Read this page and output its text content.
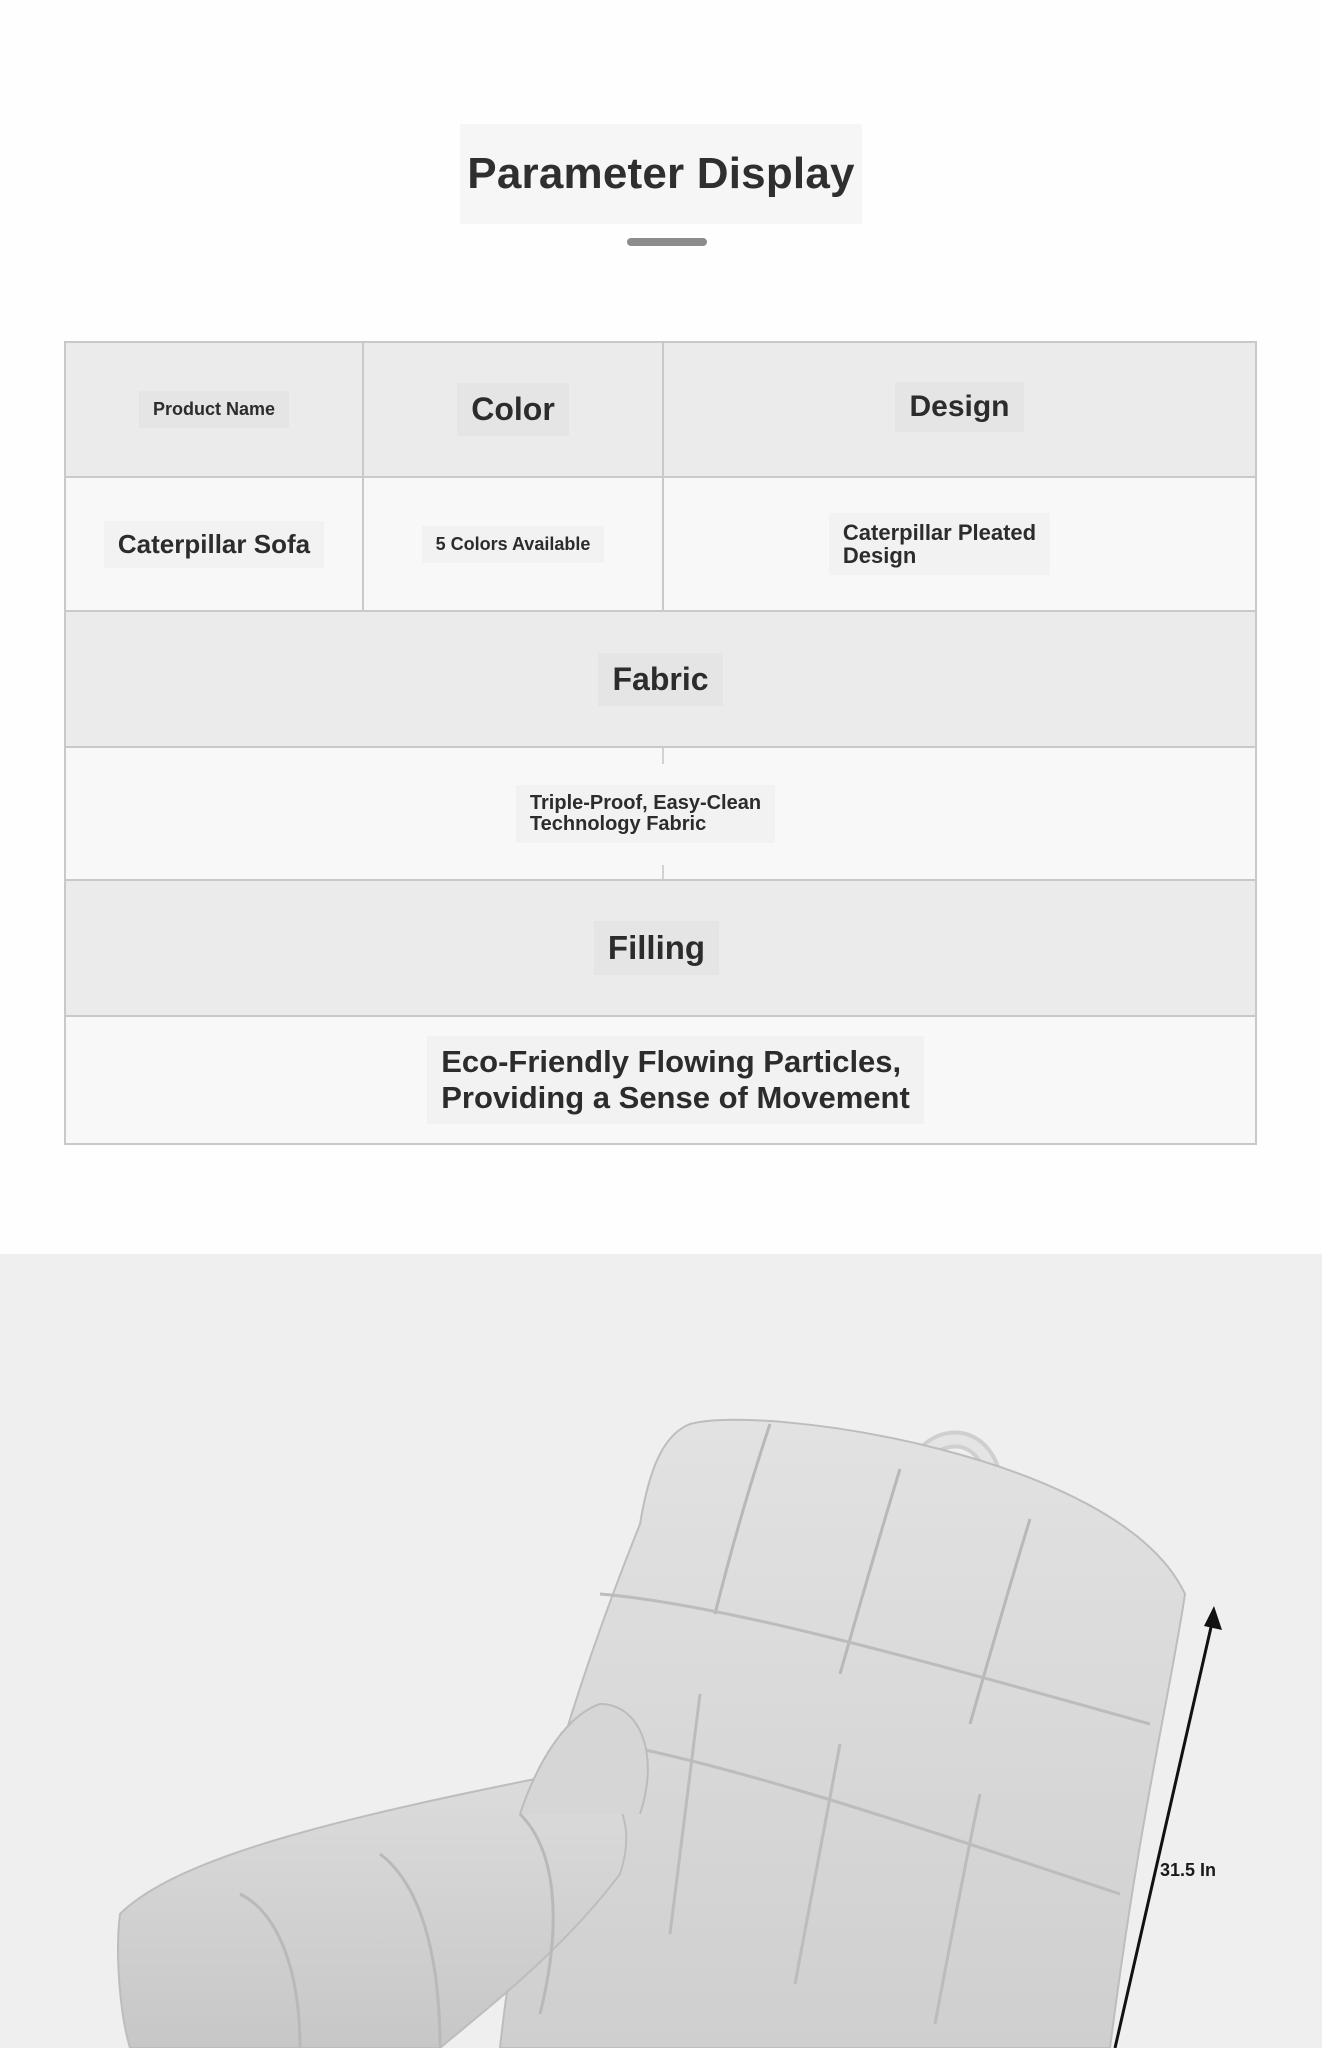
Parameter Display
Product Name	Color	Design
Caterpillar Sofa	5 Colors Available	Caterpillar Pleated
Design
Fabric
Triple-Proof, Easy-Clean
Technology Fabric
Filling
Eco-Friendly Flowing Particles,
Providing a Sense of Movement
31.5 In
